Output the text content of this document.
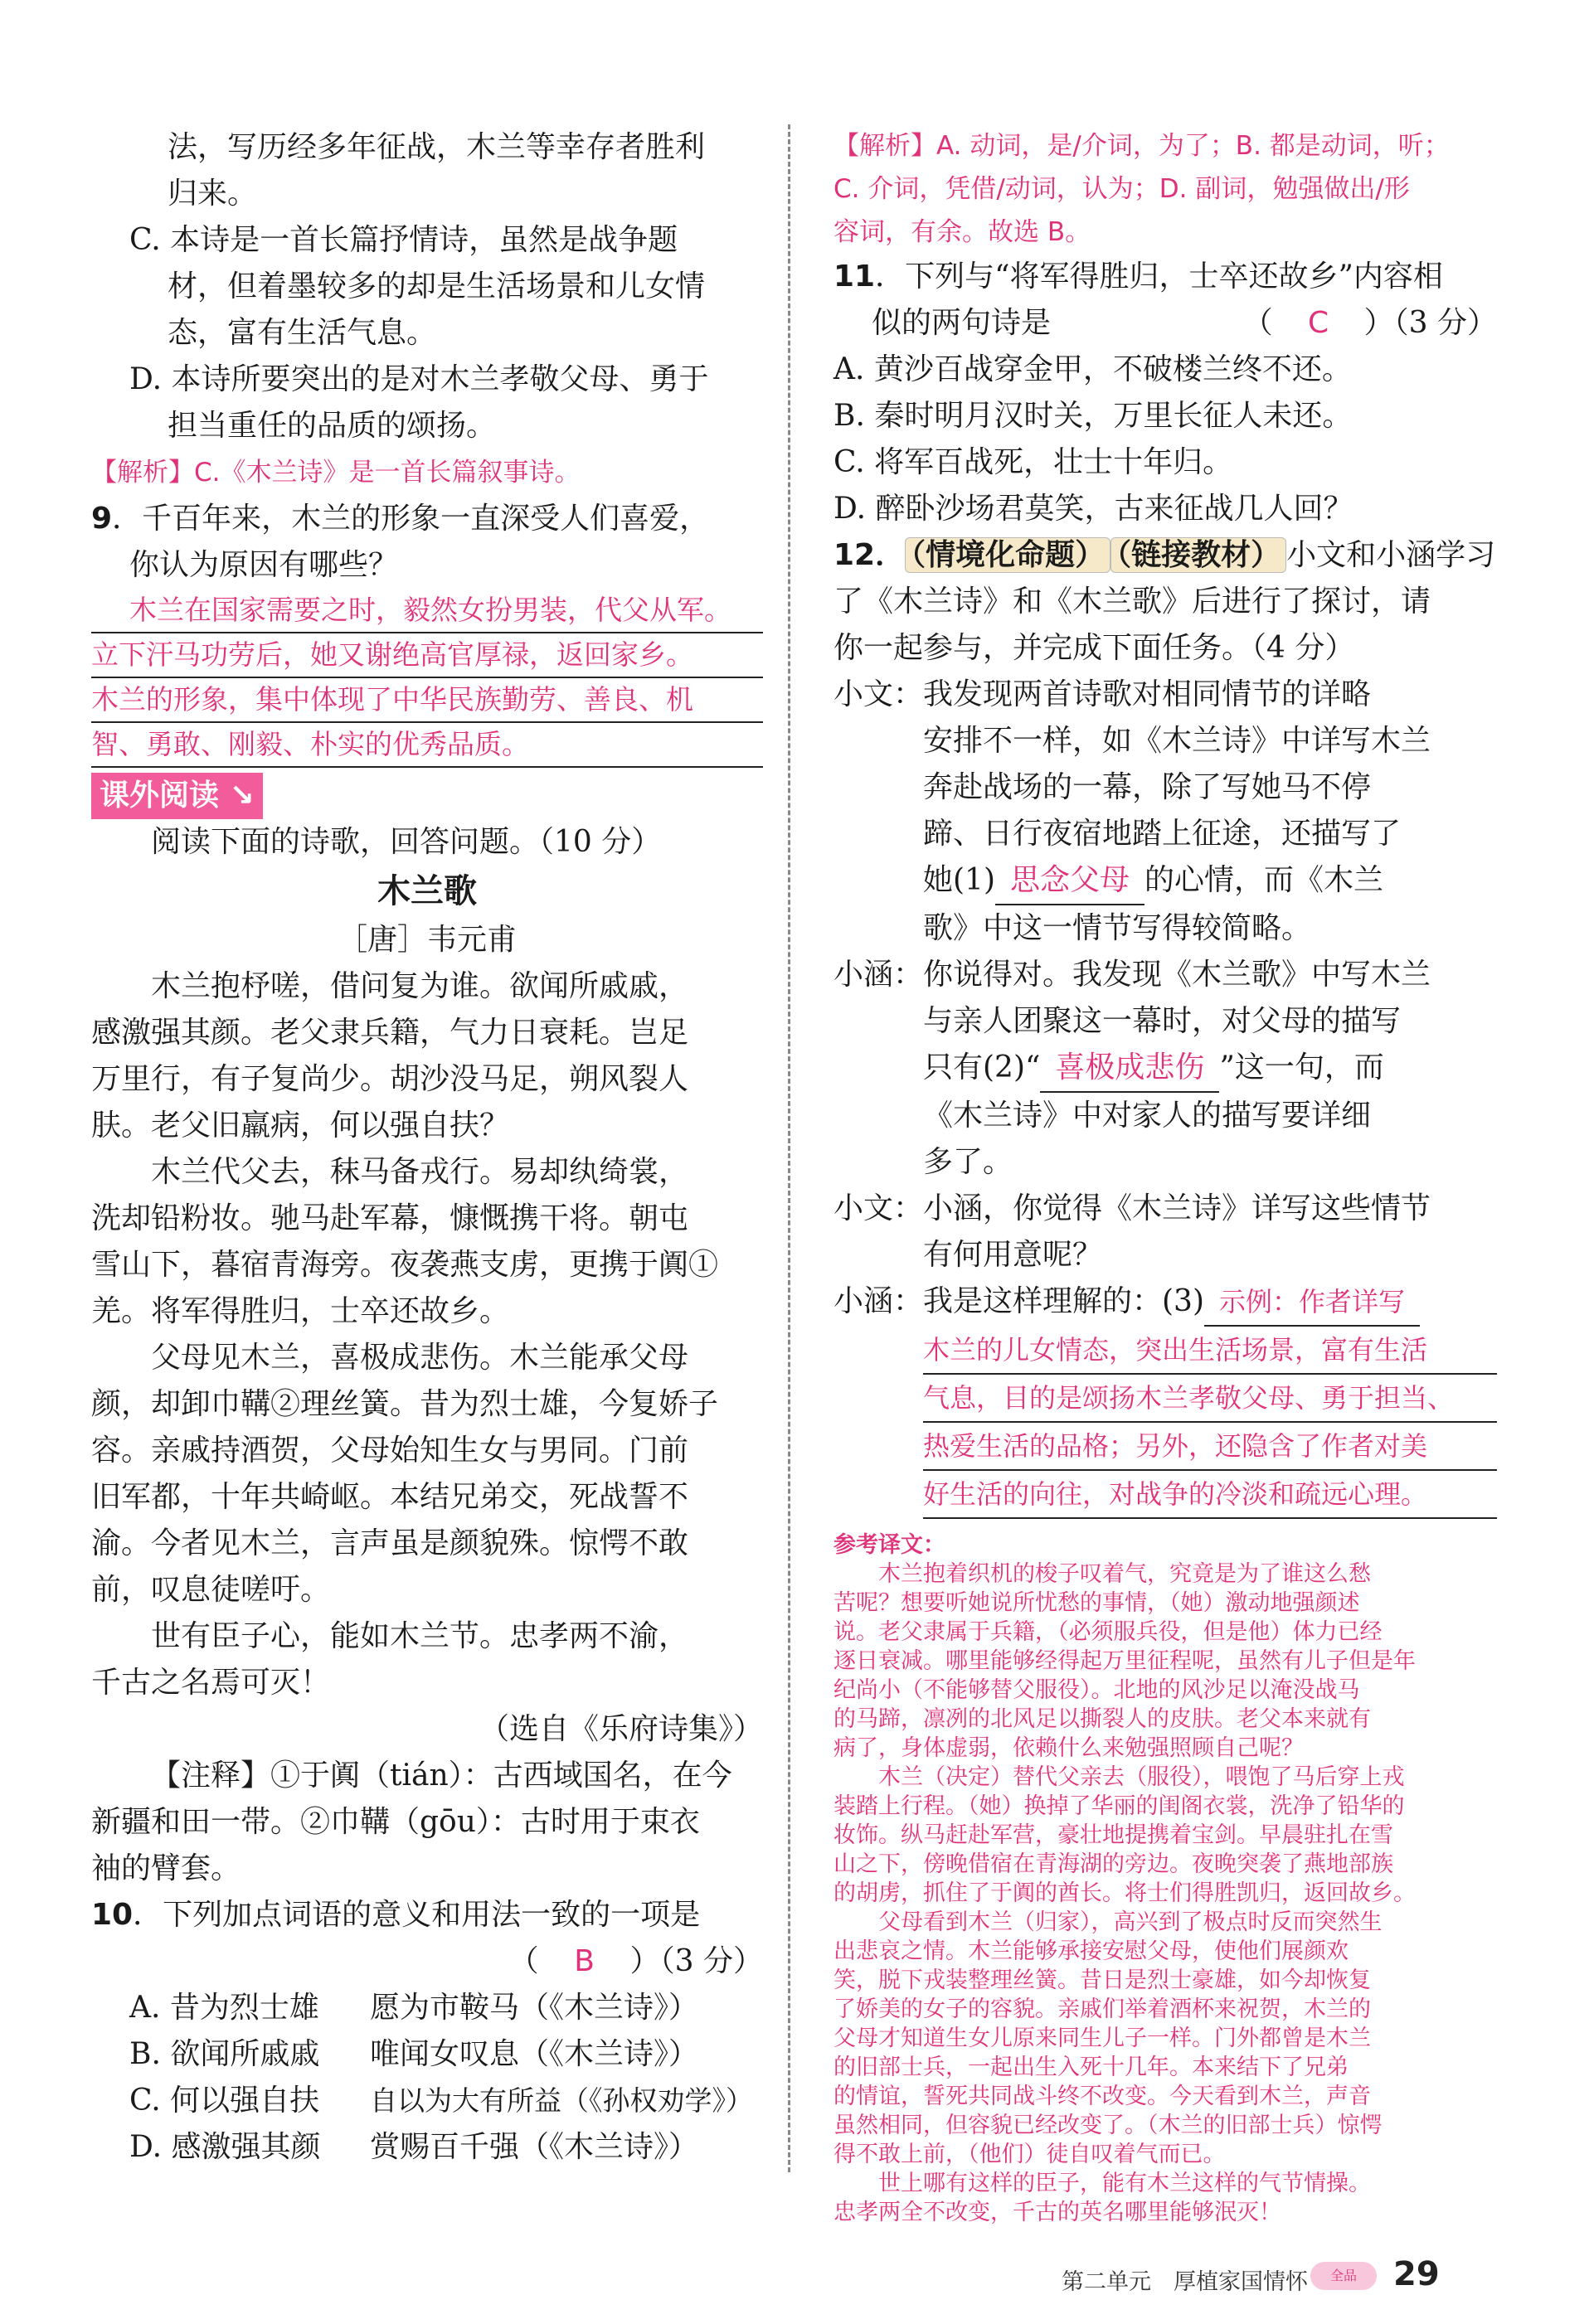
法，写历经多年征战，木兰等幸存者胜利

归来。

C. 本诗是一首长篇抒情诗，虽然是战争题

材，但着墨较多的却是生活场景和儿女情

态，富有生活气息。

D. 本诗所要突出的是对木兰孝敬父母、勇于

担当重任的品质的颂扬。

【解析】C.《木兰诗》是一首长篇叙事诗。

9．千百年来，木兰的形象一直深受人们喜爱，

你认为原因有哪些？

木兰在国家需要之时，毅然女扮男装，代父从军。

立下汗马功劳后，她又谢绝高官厚禄，返回家乡。

木兰的形象，集中体现了中华民族勤劳、善良、机

智、勇敢、刚毅、朴实的优秀品质。

课外阅读 ↘

阅读下面的诗歌，回答问题。（10 分）

木兰歌

［唐］韦元甫

木兰抱杼嗟，借问复为谁。欲闻所戚戚，

感激强其颜。老父隶兵籍，气力日衰耗。岂足

万里行，有子复尚少。胡沙没马足，朔风裂人

肤。老父旧羸病，何以强自扶？

木兰代父去，秣马备戎行。易却纨绮裳，

洗却铅粉妆。驰马赴军幕，慷慨携干将。朝屯

雪山下，暮宿青海旁。夜袭燕支虏，更携于阗①

羌。将军得胜归，士卒还故乡。

父母见木兰，喜极成悲伤。木兰能承父母

颜，却卸巾鞲②理丝簧。昔为烈士雄，今复娇子

容。亲戚持酒贺，父母始知生女与男同。门前

旧军都，十年共崎岖。本结兄弟交，死战誓不

渝。今者见木兰，言声虽是颜貌殊。惊愕不敢

前，叹息徒嗟吁。

世有臣子心，能如木兰节。忠孝两不渝，

千古之名焉可灭！

（选自《乐府诗集》）

【注释】①于阗（tián）：古西域国名，在今

新疆和田一带。②巾鞲（gōu）：古时用于束衣

袖的臂套。

10．下列加点词语的意义和用法一致的一项是

（ B ）（3 分）

A. 昔为烈士雄 愿为市鞍马（《木兰诗》）

B. 欲闻所戚戚 唯闻女叹息（《木兰诗》）

C. 何以强自扶 自以为大有所益（《孙权劝学》）

D. 感激强其颜 赏赐百千强（《木兰诗》）

【解析】A. 动词，是/介词，为了；B. 都是动词，听；

C. 介词，凭借/动词，认为；D. 副词，勉强做出/形

容词，有余。故选 B。

11．下列与“将军得胜归，士卒还故乡”内容相

似的两句诗是	（ C ）（3 分）

A. 黄沙百战穿金甲，不破楼兰终不还。

B. 秦时明月汉时关，万里长征人未还。

C. 将军百战死，壮士十年归。

D. 醉卧沙场君莫笑，古来征战几人回？

12． （情境化命题） （链接教材） 小文和小涵学习

了《木兰诗》和《木兰歌》后进行了探讨，请

你一起参与，并完成下面任务。（4 分）

小文： 我发现两首诗歌对相同情节的详略

安排不一样，如《木兰诗》中详写木兰

奔赴战场的一幕，除了写她马不停

蹄、日行夜宿地踏上征途，还描写了

她(1) 思念父母 的心情，而《木兰

歌》中这一情节写得较简略。

小涵： 你说得对。我发现《木兰歌》中写木兰

与亲人团聚这一幕时，对父母的描写

只有(2)“ 喜极成悲伤 ”这一句，而

《木兰诗》中对家人的描写要详细

多了。

小文： 小涵，你觉得《木兰诗》详写这些情节

有何用意呢？

小涵： 我是这样理解的：(3) 示例：作者详写

木兰的儿女情态，突出生活场景，富有生活

气息，目的是颂扬木兰孝敬父母、勇于担当、

热爱生活的品格；另外，还隐含了作者对美

好生活的向往，对战争的冷淡和疏远心理。

参考译文：

　　木兰抱着织机的梭子叹着气，究竟是为了谁这么愁

苦呢？想要听她说所忧愁的事情，（她）激动地强颜述

说。老父隶属于兵籍，（必须服兵役，但是他）体力已经

逐日衰减。哪里能够经得起万里征程呢，虽然有儿子但是年

纪尚小（不能够替父服役）。北地的风沙足以淹没战马

的马蹄，凛冽的北风足以撕裂人的皮肤。老父本来就有

病了，身体虚弱，依赖什么来勉强照顾自己呢？

　　木兰（决定）替代父亲去（服役），喂饱了马后穿上戎

装踏上行程。（她）换掉了华丽的闺阁衣裳，洗净了铅华的

妆饰。纵马赶赴军营，豪壮地提携着宝剑。早晨驻扎在雪

山之下，傍晚借宿在青海湖的旁边。夜晚突袭了燕地部族

的胡虏，抓住了于阗的酋长。将士们得胜凯归，返回故乡。

　　父母看到木兰（归家），高兴到了极点时反而突然生

出悲哀之情。木兰能够承接安慰父母，使他们展颜欢

笑，脱下戎装整理丝簧。昔日是烈士豪雄，如今却恢复

了娇美的女子的容貌。亲戚们举着酒杯来祝贺，木兰的

父母才知道生女儿原来同生儿子一样。门外都曾是木兰

的旧部士兵，一起出生入死十几年。本来结下了兄弟

的情谊，誓死共同战斗终不改变。今天看到木兰，声音

虽然相同，但容貌已经改变了。（木兰的旧部士兵）惊愕

得不敢上前，（他们）徒自叹着气而已。

　　世上哪有这样的臣子，能有木兰这样的气节情操。

忠孝两全不改变，千古的英名哪里能够泯灭！

第二单元　厚植家国情怀	全品	29
